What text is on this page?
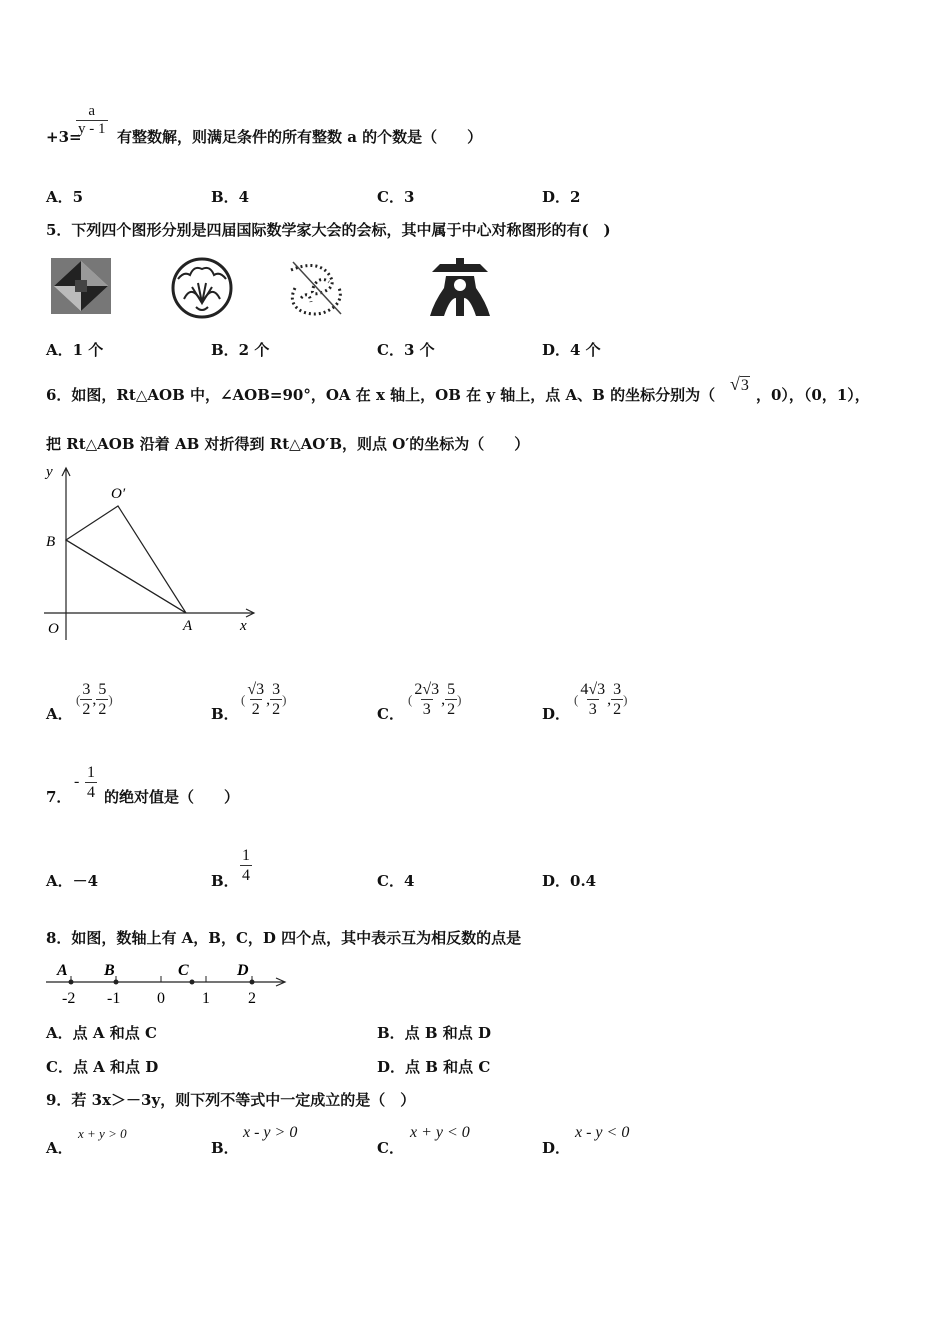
+3=
$\frac{a}{y - 1}$ 有整数解，则满足条件的所有整数 a 的个数是（　　）
A．5	B．4	C．3	D．2
5．下列四个图形分别是四届国际数学家大会的会标，其中属于中心对称图形的有(　)
A．1 个	B．2 个	C．3 个	D．4 个
6．如图，Rt△AOB 中，∠AOB=90°，OA 在 x 轴上，OB 在 y 轴上，点 A、B 的坐标分别为（
√3
，0），（0，1），
把 Rt△AOB 沿着 AB 对折得到 Rt△AO′B，则点 O′的坐标为（　　）
y
O′
B
O	A	x
A．
( $\frac{3}{2}$ , $\frac{5}{2}$ )
B．
( $\frac{√3}{2}$ , $\frac{3}{2}$ )
C．
( $\frac{2√3}{3}$ , $\frac{5}{2}$ )
D．
( $\frac{4√3}{3}$ , $\frac{3}{2}$ )
7．
- $\frac{1}{4}$ 的绝对值是（　　）
A．－4	B． $\frac{1}{4}$	C．4	D．0.4
8．如图，数轴上有 A，B，C，D 四个点，其中表示互为相反数的点是
A B	C	D
-2 -1 0 1 2
A．点 A 和点 C	B．点 B 和点 D
C．点 A 和点 D	D．点 B 和点 C
9．若 3x＞－3y，则下列不等式中一定成立的是（　）
A．
x + y > 0
B．
x - y > 0
C．
x + y < 0
D．
x - y < 0
